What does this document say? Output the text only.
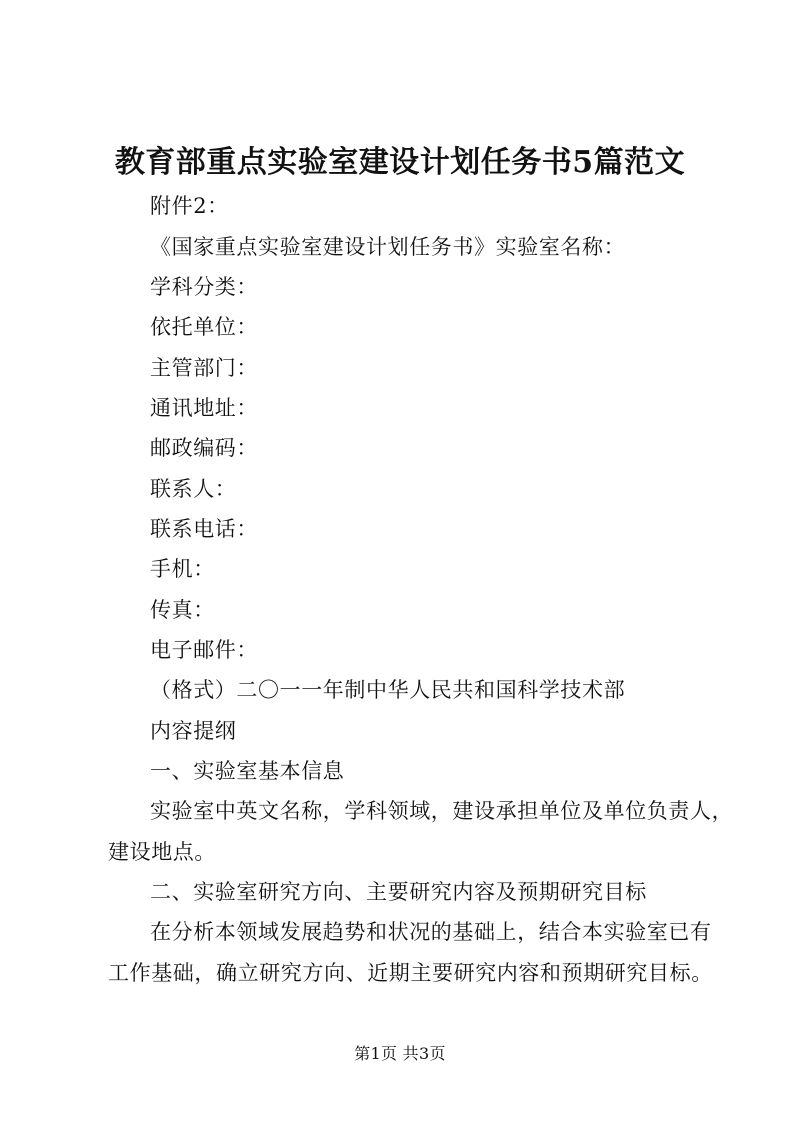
教育部重点实验室建设计划任务书5篇范文
附件2：
《国家重点实验室建设计划任务书》实验室名称：
学科分类：
依托单位：
主管部门：
通讯地址：
邮政编码：
联系人：
联系电话：
手机：
传真：
电子邮件：
（格式）二〇一一年制中华人民共和国科学技术部
内容提纲
一、实验室基本信息
实验室中英文名称，学科领域，建设承担单位及单位负责人，
建设地点。
二、实验室研究方向、主要研究内容及预期研究目标
在分析本领域发展趋势和状况的基础上，结合本实验室已有
工作基础，确立研究方向、近期主要研究内容和预期研究目标。
第1页 共3页
